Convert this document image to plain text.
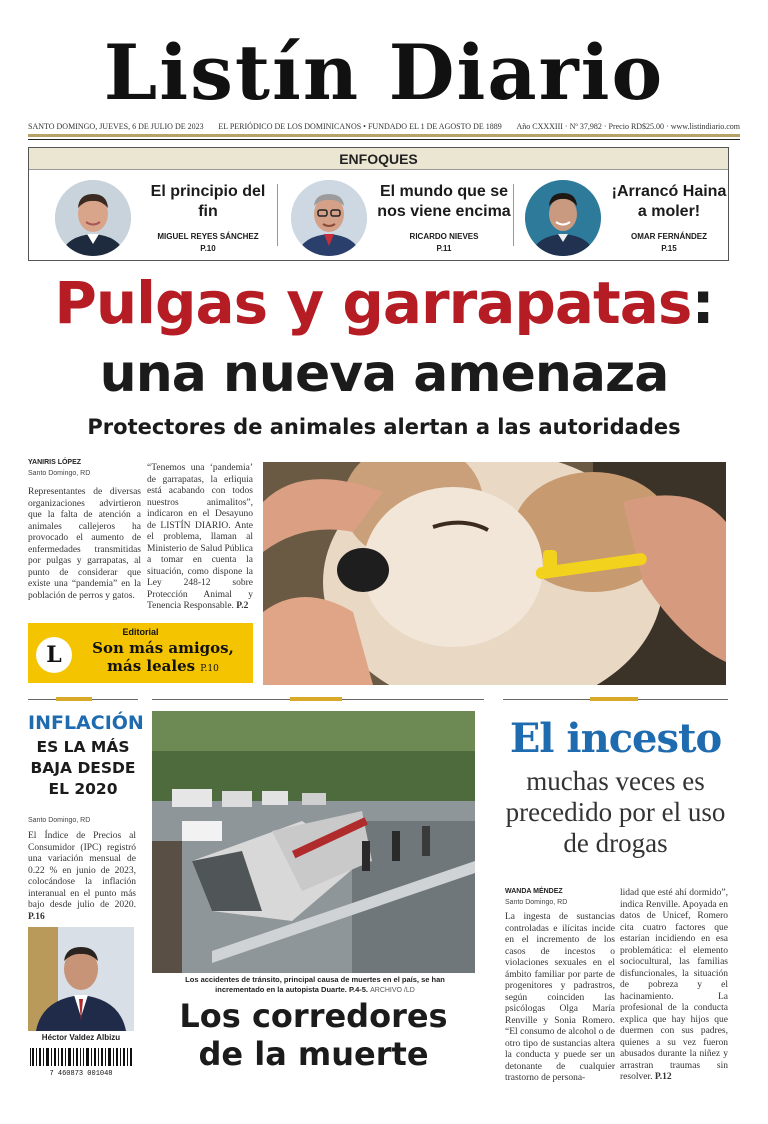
Listín Diario
SANTO DOMINGO, JUEVES, 6 DE JULIO DE 2023 EL PERIÓDICO DE LOS DOMINICANOS • FUNDADO EL 1 DE AGOSTO DE 1889 Año CXXXIII · Nº 37,982 · Precio RD$25.00 · www.listindiario.com
ENFOQUES
El principio del fin
MIGUEL REYES SÁNCHEZ
P.10
El mundo que se nos viene encima
RICARDO NIEVES
P.11
¡Arrancó Haina a moler!
OMAR FERNÁNDEZ
P.15
Pulgas y garrapatas:
una nueva amenaza
Protectores de animales alertan a las autoridades
YANIRIS LÓPEZ
Santo Domingo, RD
Representantes de diversas organizaciones advirtieron que la falta de atención a animales callejeros ha provocado el aumento de enfermedades transmitidas por pulgas y garrapatas, al punto de considerar que existe una “pandemia” en la población de perros y gatos.
“Tenemos una ‘pandemia’ de garrapatas, la erliquia está acabando con todos nuestros animalitos”, indicaron en el Desayuno de LISTÍN DIARIO. Ante el problema, llaman al Ministerio de Salud Pública a tomar en cuenta la situación, como dispone la Ley 248-12 sobre Protección Animal y Tenencia Responsable. P.2
Editorial
L	Son más amigos, más leales P.10
INFLACIÓN
ES LA MÁS BAJA DESDE EL 2020
Santo Domingo, RD
El Índice de Precios al Consumidor (IPC) registró una variación mensual de 0.22 % en junio de 2023, colocándose la inflación interanual en el punto más bajo desde julio de 2020. P.16
Héctor Valdez Albizu
7 460873 001048
Los accidentes de tránsito, principal causa de muertes en el país, se han incrementado en la autopista Duarte. P.4-5. ARCHIVO /LD
Los corredores de la muerte
El incesto
muchas veces es precedido por el uso de drogas
WANDA MÉNDEZ
Santo Domingo, RD
La ingesta de sustancias controladas e ilícitas incide en el incremento de los casos de incestos o violaciones sexuales en el ámbito familiar por parte de progenitores y padrastros, según coinciden las psicólogas Olga María Renville y Sonia Romero. “El consumo de alcohol o de otro tipo de sustancias altera la conducta y puede ser un detonante de cualquier trastorno de persona-
lidad que esté ahí dormido”, indica Renville. Apoyada en datos de Unicef, Romero cita cuatro factores que estarían incidiendo en esa problemática: el elemento sociocultural, las familias disfuncionales, la situación de pobreza y el hacinamiento. La profesional de la conducta explica que hay hijos que duermen con sus padres, quienes a su vez fueron abusados durante la niñez y arrastran traumas sin resolver. P.12
